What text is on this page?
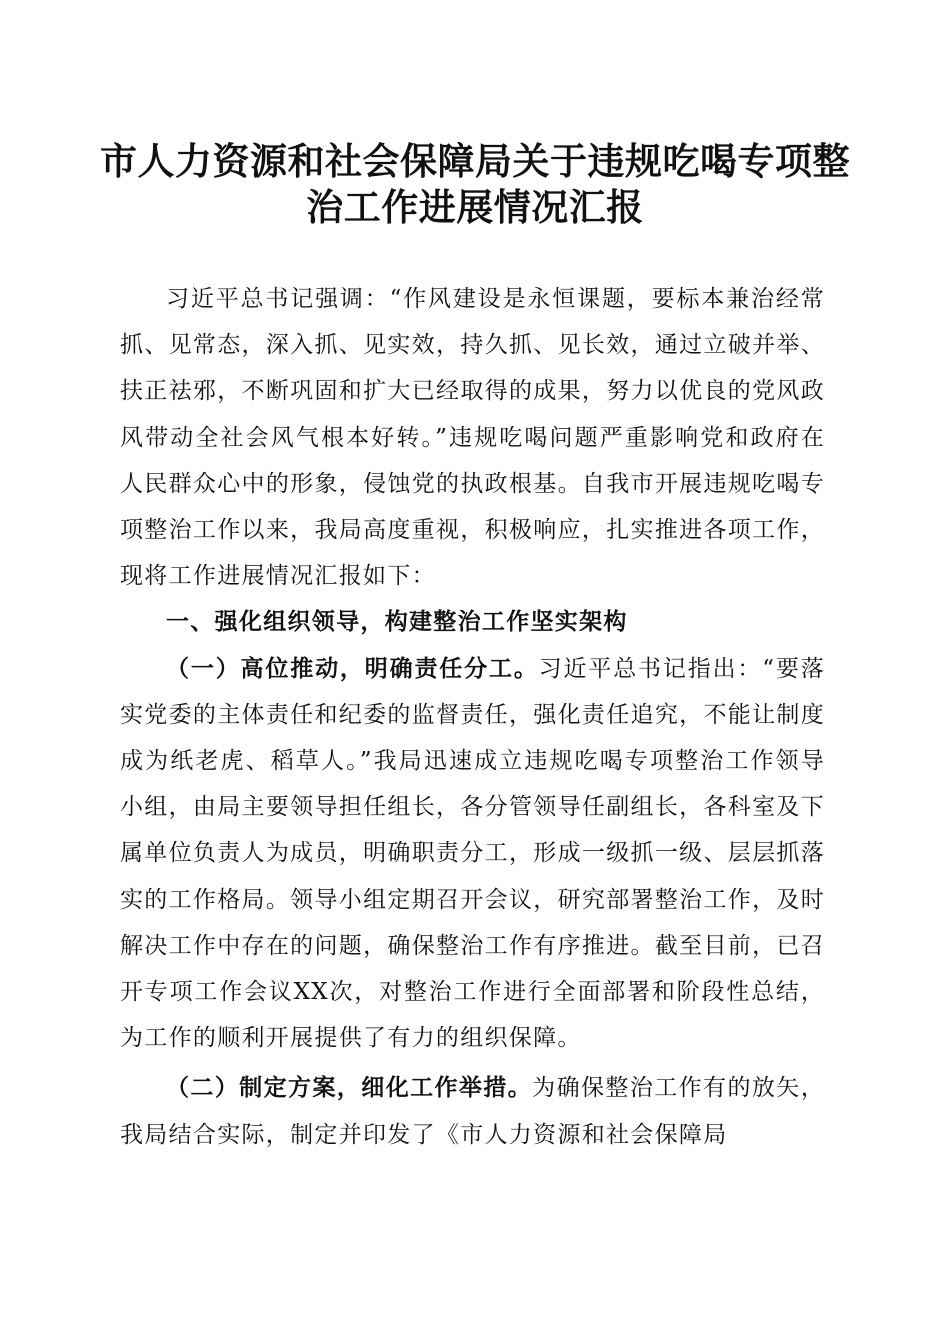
市人力资源和社会保障局关于违规吃喝专项整
治工作进展情况汇报

习近平总书记强调：“作风建设是永恒课题，要标本兼治经常抓、见常态，深入抓、见实效，持久抓、见长效，通过立破并举、扶正祛邪，不断巩固和扩大已经取得的成果，努力以优良的党风政风带动全社会风气根本好转。”违规吃喝问题严重影响党和政府在人民群众心中的形象，侵蚀党的执政根基。自我市开展违规吃喝专项整治工作以来，我局高度重视，积极响应，扎实推进各项工作，现将工作进展情况汇报如下：

一、强化组织领导，构建整治工作坚实架构

（一）高位推动，明确责任分工。习近平总书记指出：“要落实党委的主体责任和纪委的监督责任，强化责任追究，不能让制度成为纸老虎、稻草人。”我局迅速成立违规吃喝专项整治工作领导小组，由局主要领导担任组长，各分管领导任副组长，各科室及下属单位负责人为成员，明确职责分工，形成一级抓一级、层层抓落实的工作格局。领导小组定期召开会议，研究部署整治工作，及时解决工作中存在的问题，确保整治工作有序推进。截至目前，已召开专项工作会议XX次，对整治工作进行全面部署和阶段性总结，为工作的顺利开展提供了有力的组织保障。

（二）制定方案，细化工作举措。为确保整治工作有的放矢，我局结合实际，制定并印发了《市人力资源和社会保障局
